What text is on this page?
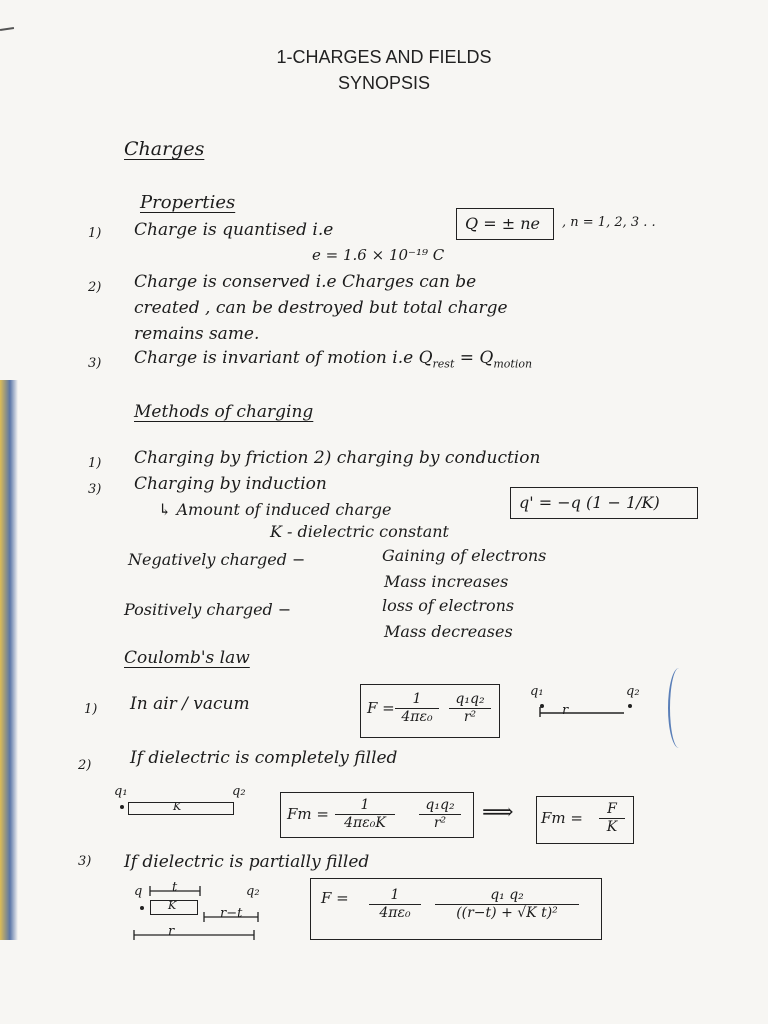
1-CHARGES AND FIELDS
SYNOPSIS
Charges
Properties
1) Charge is quantised i.e	Q = ± ne , n = 1, 2, 3 . .
e = 1.6 × 10⁻¹⁹ C
2) Charge is conserved i.e Charges can be
created , can be destroyed but total charge
remains same.
3) Charge is invariant of motion i.e $Q_{rest} = Q_{motion}$
Methods of charging
1) Charging by friction 2) charging by conduction
3) Charging by induction
↳ Amount of induced charge	q' = −q (1 − 1/K)
K - dielectric constant
Negatively charged −	Gaining of electrons
Mass increases
Positively charged −	loss of electrons
Mass decreases
Coulomb's law
1) In air / vacum	$F = \frac{1}{\text{4πε₀}} \frac{\text{q₁q₂}}{\text{r²}}$	q₁	q₂
r
2) If dielectric is completely filled
q₁	q₂
K	$Fm = \frac{1}{\text{4πε₀K}} \frac{\text{q₁q₂}}{\text{r²}}$ ⟹ $Fm = \frac{F}{K}$
3) If dielectric is partially filled
q t	q₂
K
r−t
r
$F = \frac{1}{\text{4πε₀}} \frac{\text{q₁ q₂}}{\text{((r−t) + √K t)²}}$
